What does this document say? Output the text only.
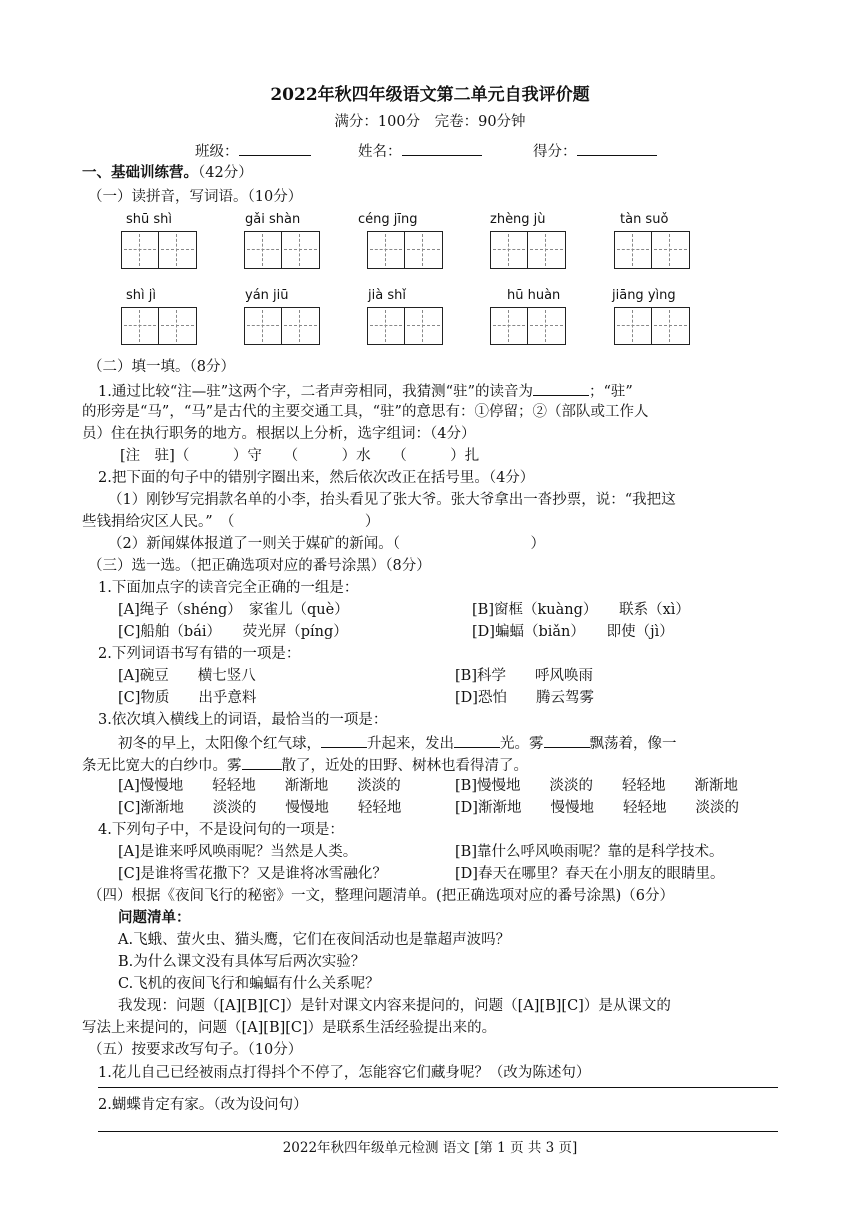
2022年秋四年级语文第二单元自我评价题
满分：100分　完卷：90分钟
班级：	姓名：	得分：
一、基础训练营。（42分）
（一）读拼音，写词语。（10分）
shū shì	gǎi shàn	céng jīng	zhèng jù	tàn suǒ
shì jì	yán jiū	jià shǐ	hū huàn	jiāng yìng
（二）填一填。（8分）
1.通过比较“注—驻”这两个字，二者声旁相同，我猜测“驻”的读音为	；“驻”
的形旁是“马”，“马”是古代的主要交通工具，“驻”的意思有：①停留；②（部队或工作人
员）住在执行职务的地方。根据以上分析，选字组词：（4分）
[注　驻]（　　　）守　　（　　　）水　　（　　　）扎
2.把下面的句子中的错别字圈出来，然后依次改正在括号里。（4分）
（1）刚钞写完捐款名单的小李，抬头看见了张大爷。张大爷拿出一沓抄票，说：“我把这
些钱捐给灾区人民。”　（　　　　　　　　　）
（2）新闻媒体报道了一则关于媒矿的新闻。（　　　　　　　　　）
（三）选一选。（把正确选项对应的番号涂黑）（8分）
1.下面加点字的读音完全正确的一组是：
[A]绳子（shéng）　家雀儿（què）	[B]窗框（kuàng）　　联系（xì）
[C]船舶（bái）　　荧光屏（píng）	[D]蝙蝠（biǎn）　　即使（jì）
2.下列词语书写有错的一项是：
[A]碗豆　　横七竖八	[B]科学　　呼风唤雨
[C]物质　　出乎意料	[D]恐怕　　腾云驾雾
3.依次填入横线上的词语，最恰当的一项是：
初冬的早上，太阳像个红气球，	升起来，发出	光。雾	飘荡着，像一
条无比宽大的白纱巾。雾	散了，近处的田野、树林也看得清了。
[A]慢慢地　　轻轻地　　渐渐地　　淡淡的	[B]慢慢地　　淡淡的　　轻轻地　　渐渐地
[C]渐渐地　　淡淡的　　慢慢地　　轻轻地	[D]渐渐地　　慢慢地　　轻轻地　　淡淡的
4.下列句子中，不是设问句的一项是：
[A]是谁来呼风唤雨呢？当然是人类。	[B]靠什么呼风唤雨呢？靠的是科学技术。
[C]是谁将雪花撒下？又是谁将冰雪融化？	[D]春天在哪里？春天在小朋友的眼睛里。
（四）根据《夜间飞行的秘密》一文，整理问题清单。(把正确选项对应的番号涂黑)（6分）
问题清单：
A.飞蛾、萤火虫、猫头鹰，它们在夜间活动也是靠超声波吗？
B.为什么课文没有具体写后两次实验？
C.飞机的夜间飞行和蝙蝠有什么关系呢？
我发现：问题（[A][B][C]）是针对课文内容来提问的，问题（[A][B][C]）是从课文的
写法上来提问的，问题（[A][B][C]）是联系生活经验提出来的。
（五）按要求改写句子。（10分）
1.花儿自己已经被雨点打得抖个不停了，怎能容它们藏身呢？（改为陈述句）
2.蝴蝶肯定有家。（改为设问句）
2022年秋四年级单元检测 语文 [第 1 页 共 3 页]
